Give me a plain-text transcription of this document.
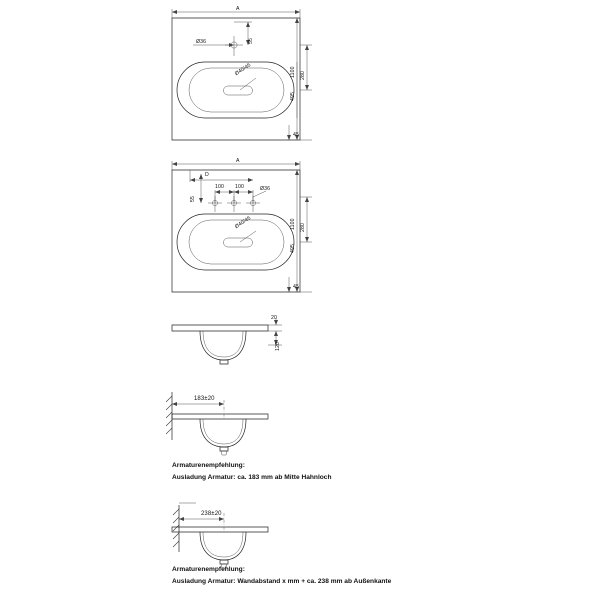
A
Ø36	55
1100 280
495
Ø40/45
45
A
D
100 100	Ø36
55
1100 280
495
Ø40/45
45
20
120
183±20
238±20
Armaturenempfehlung:
Ausladung Armatur: ca. 183 mm ab Mitte Hahnloch
Armaturenempfehlung:
Ausladung Armatur: Wandabstand x mm + ca. 238 mm ab Außenkante
